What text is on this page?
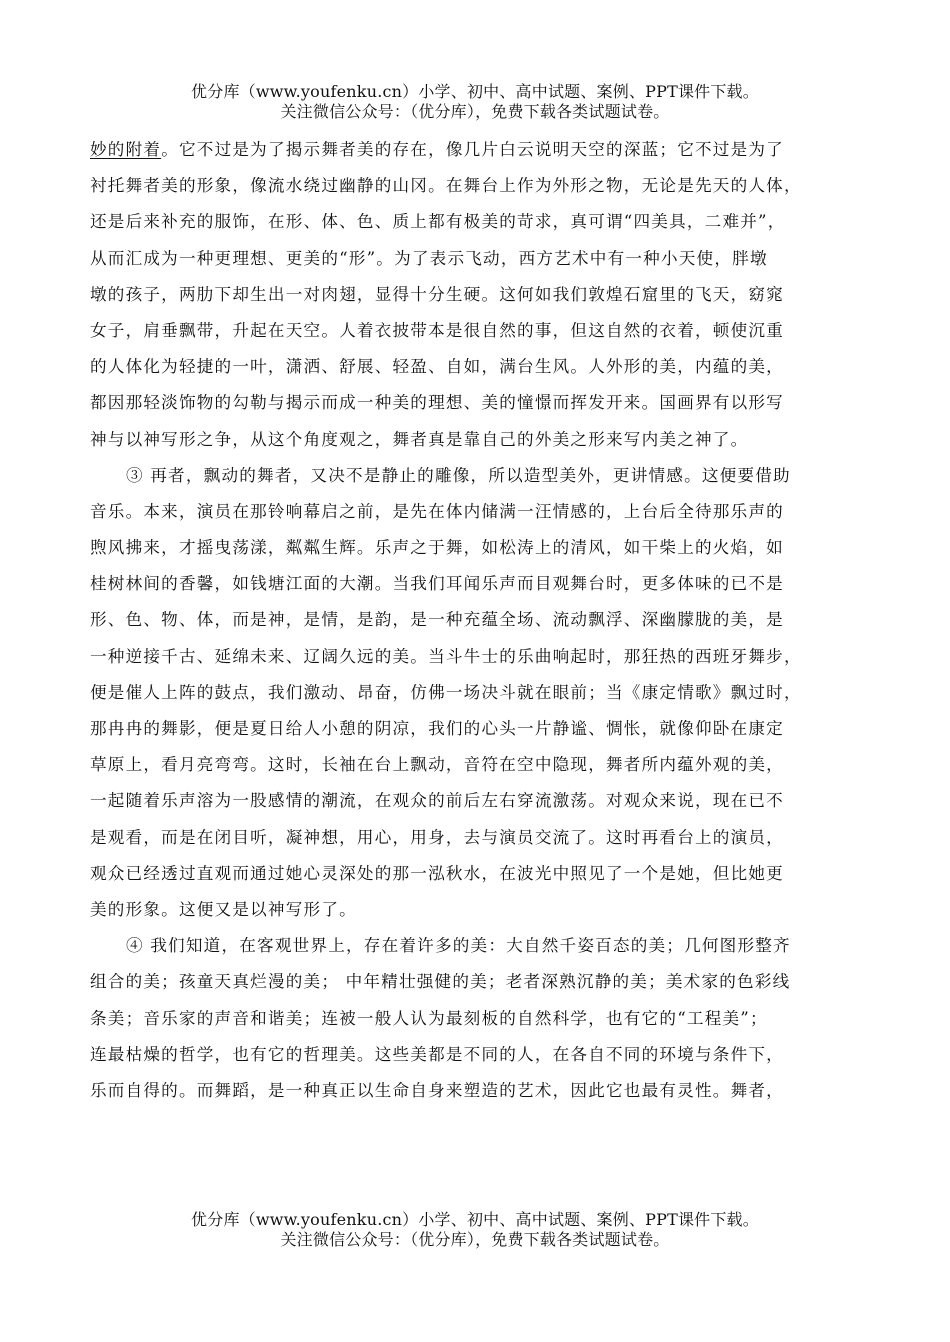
优分库（www.youfenku.cn）小学、初中、高中试题、案例、PPT课件下载。
关注微信公众号：（优分库），免费下载各类试题试卷。
妙的附着。它不过是为了揭示舞者美的存在，像几片白云说明天空的深蓝；它不过是为了
衬托舞者美的形象，像流水绕过幽静的山冈。在舞台上作为外形之物，无论是先天的人体，
还是后来补充的服饰，在形、体、色、质上都有极美的苛求，真可谓“四美具，二难并”，
从而汇成为一种更理想、更美的“形”。为了表示飞动，西方艺术中有一种小天使，胖墩
墩的孩子，两肋下却生出一对肉翅，显得十分生硬。这何如我们敦煌石窟里的飞天，窈窕
女子，肩垂飘带，升起在天空。人着衣披带本是很自然的事，但这自然的衣着，顿使沉重
的人体化为轻捷的一叶，潇洒、舒展、轻盈、自如，满台生风。人外形的美，内蕴的美，
都因那轻淡饰物的勾勒与揭示而成一种美的理想、美的憧憬而挥发开来。国画界有以形写
神与以神写形之争，从这个角度观之，舞者真是靠自己的外美之形来写内美之神了。
③ 再者，飘动的舞者，又决不是静止的雕像，所以造型美外，更讲情感。这便要借助
音乐。本来，演员在那铃响幕启之前，是先在体内储满一汪情感的，上台后全待那乐声的
煦风拂来，才摇曳荡漾，粼粼生辉。乐声之于舞，如松涛上的清风，如干柴上的火焰，如
桂树林间的香馨，如钱塘江面的大潮。当我们耳闻乐声而目观舞台时，更多体味的已不是
形、色、物、体，而是神，是情，是韵，是一种充蕴全场、流动飘浮、深幽朦胧的美，是
一种逆接千古、延绵未来、辽阔久远的美。当斗牛士的乐曲响起时，那狂热的西班牙舞步，
便是催人上阵的鼓点，我们激动、昂奋，仿佛一场决斗就在眼前；当《康定情歌》飘过时，
那冉冉的舞影，便是夏日给人小憩的阴凉，我们的心头一片静谧、惆怅，就像仰卧在康定
草原上，看月亮弯弯。这时，长袖在台上飘动，音符在空中隐现，舞者所内蕴外观的美，
一起随着乐声溶为一股感情的潮流，在观众的前后左右穿流激荡。对观众来说，现在已不
是观看，而是在闭目听，凝神想，用心，用身，去与演员交流了。这时再看台上的演员，
观众已经透过直观而通过她心灵深处的那一泓秋水，在波光中照见了一个是她，但比她更
美的形象。这便又是以神写形了。
④ 我们知道，在客观世界上，存在着许多的美：大自然千姿百态的美；几何图形整齐
组合的美；孩童天真烂漫的美； 中年精壮强健的美；老者深熟沉静的美；美术家的色彩线
条美；音乐家的声音和谐美；连被一般人认为最刻板的自然科学，也有它的“工程美”；
连最枯燥的哲学，也有它的哲理美。这些美都是不同的人，在各自不同的环境与条件下，
乐而自得的。而舞蹈，是一种真正以生命自身来塑造的艺术，因此它也最有灵性。舞者，
优分库（www.youfenku.cn）小学、初中、高中试题、案例、PPT课件下载。
关注微信公众号：（优分库），免费下载各类试题试卷。
